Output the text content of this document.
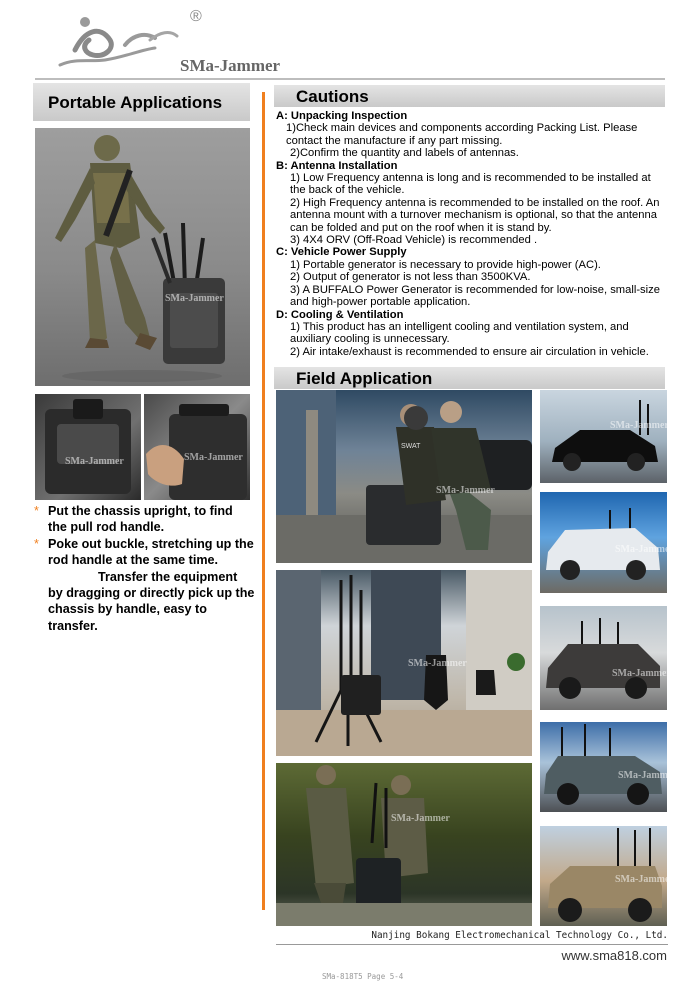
®
SMa-Jammer
Please contact 65826444@qq.com for technical documentation without logo
Portable Applications
SMa-Jammer
SMa-Jammer	SMa-Jammer
* Put the chassis upright, to find the pull rod handle.
* Poke out buckle, stretching up the rod handle at the same time.
Transfer the equipment by dragging or directly pick up the chassis by handle, easy to transfer.
Cautions
A: Unpacking Inspection
1)Check main devices and components according Packing List. Please contact the manufacture if any part missing.
2)Confirm the quantity and labels of antennas.
B: Antenna Installation
1) Low Frequency antenna is long and is recommended to be installed at the back of the vehicle.
2) High Frequency antenna is recommended to be installed on the roof. An antenna mount with a turnover mechanism is optional, so that the antenna can be folded and put on the roof when it is stand by.
3) 4X4 ORV (Off-Road Vehicle) is recommended .
C: Vehicle Power Supply
1) Portable generator is necessary to provide high-power (AC).
2) Output of generator is not less than 3500KVA.
3) A BUFFALO Power Generator is recommended for low-noise, small-size and high-power portable application.
D: Cooling & Ventilation
1) This product has an intelligent cooling and ventilation system, and auxiliary cooling is unnecessary.
2) Air intake/exhaust is recommended to ensure air circulation in vehicle.
Field Application
SWAT
SMa-Jammer
SMa-Jammer
SMa-Jammer
SMa-Jammer
SMa-Jammer
SMa-Jammer
SMa-Jammer
SMa-Jammer
Nanjing Bokang Electromechanical Technology Co., Ltd.
www.sma818.com
SMa-818T5 Page 5-4
